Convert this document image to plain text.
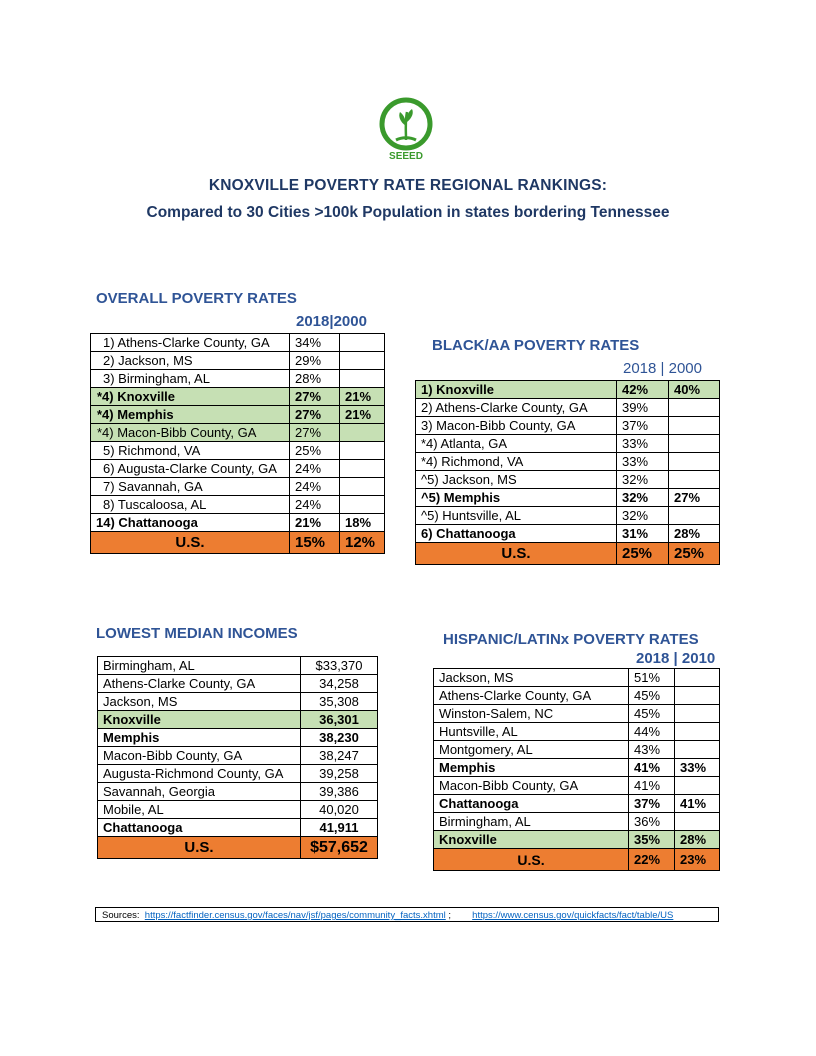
SEEED
KNOXVILLE POVERTY RATE REGIONAL RANKINGS:
Compared to 30 Cities >100k Population in states bordering Tennessee
OVERALL POVERTY RATES
2018|2000
1) Athens-Clarke County, GA	34%	
2) Jackson, MS	29%	
3) Birmingham, AL	28%	
*4) Knoxville	27%	21%
*4) Memphis	27%	21%
*4) Macon-Bibb County, GA	27%	
5) Richmond, VA	25%	
6) Augusta-Clarke County, GA	24%	
7) Savannah, GA	24%	
8) Tuscaloosa, AL	24%	
14) Chattanooga	21%	18%
U.S.	15%	12%
BLACK/AA POVERTY RATES
2018 | 2000
1) Knoxville	42%	40%
2) Athens-Clarke County, GA	39%	
3) Macon-Bibb County, GA	37%	
*4) Atlanta, GA	33%	
*4) Richmond, VA	33%	
^5) Jackson, MS	32%	
^5) Memphis	32%	27%
^5) Huntsville, AL	32%	
6) Chattanooga	31%	28%
U.S.	25%	25%
LOWEST MEDIAN INCOMES
Birmingham, AL	$33,370
Athens-Clarke County, GA	34,258
Jackson, MS	35,308
Knoxville	36,301
Memphis	38,230
Macon-Bibb County, GA	38,247
Augusta-Richmond County, GA	39,258
Savannah, Georgia	39,386
Mobile, AL	40,020
Chattanooga	41,911
U.S.	$57,652
HISPANIC/LATINx POVERTY RATES
2018 | 2010
Jackson, MS	51%	
Athens-Clarke County, GA	45%	
Winston-Salem, NC	45%	
Huntsville, AL	44%	
Montgomery, AL	43%	
Memphis	41%	33%
Macon-Bibb County, GA	41%	
Chattanooga	37%	41%
Birmingham, AL	36%	
Knoxville	35%	28%
U.S.	22%	23%
Sources: https://factfinder.census.gov/faces/nav/jsf/pages/community_facts.xhtml ; https://www.census.gov/quickfacts/fact/table/US
